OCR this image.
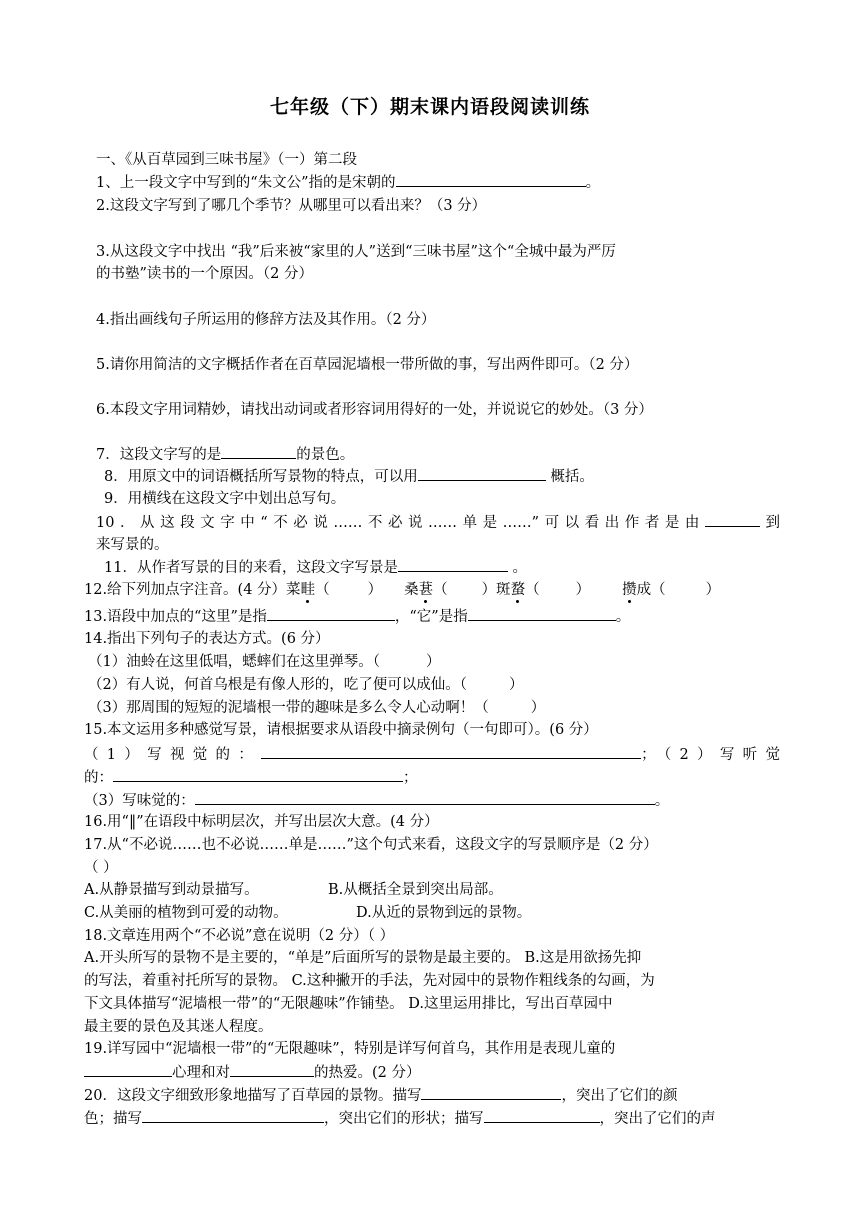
七年级（下）期末课内语段阅读训练
一、《从百草园到三味书屋》（一）第二段
1、上一段文字中写到的“朱文公”指的是宋朝的	。
2.这段文字写到了哪几个季节？从哪里可以看出来？（3 分）
3.从这段文字中找出 “我”后来被“家里的人”送到“三味书屋”这个“全城中最为严厉
的书塾”读书的一个原因。（2 分）
4.指出画线句子所运用的修辞方法及其作用。（2 分）
5.请你用简洁的文字概括作者在百草园泥墙根一带所做的事，写出两件即可。（2 分）
6.本段文字用词精妙，请找出动词或者形容词用得好的一处，并说说它的妙处。（3 分）
7．这段文字写的是	的景色。
8．用原文中的词语概括所写景物的特点，可以用	概括。
9．用横线在这段文字中划出总写句。
10．从这段文字中“不必说……不必说……单是……”可以看出作者是由	到
来写景的。
11．从作者写景的目的来看，这段文字写景是	。
12.给下列加点字注音。(4 分）菜畦（	） 桑葚（ ）斑蝥（ ） 攒成（	）
13.语段中加点的“这里”是指	，“它”是指	。
14.指出下列句子的表达方式。(6 分）
（1）油蛉在这里低唱，蟋蟀们在这里弹琴。（	）
（2）有人说，何首乌根是有像人形的，吃了便可以成仙。（	）
（3）那周围的短短的泥墙根一带的趣味是多么令人心动啊！（	）
15.本文运用多种感觉写景，请根据要求从语段中摘录例句（一句即可）。(6 分）
（1）写视觉的：	；（2）写听觉
的：	；
（3）写味觉的：	。
16.用“‖”在语段中标明层次，并写出层次大意。(4 分）
17.从“不必说……也不必说……单是……”这个句式来看，这段文字的写景顺序是（2 分）
（ ）
A.从静景描写到动景描写。	B.从概括全景到突出局部。
C.从美丽的植物到可爱的动物。	D.从近的景物到远的景物。
18.文章连用两个“不必说”意在说明（2 分）（ ）
A.开头所写的景物不是主要的，“单是”后面所写的景物是最主要的。 B.这是用欲扬先抑
的写法，着重衬托所写的景物。 C.这种撇开的手法，先对园中的景物作粗线条的勾画，为
下文具体描写“泥墙根一带”的“无限趣味”作铺垫。 D.这里运用排比，写出百草园中
最主要的景色及其迷人程度。
19.详写园中“泥墙根一带”的“无限趣味”，特别是详写何首乌，其作用是表现儿童的
心理和对	的热爱。(2 分）
20．这段文字细致形象地描写了百草园的景物。描写	，突出了它们的颜
色；描写	，突出它们的形状；描写	，突出了它们的声
